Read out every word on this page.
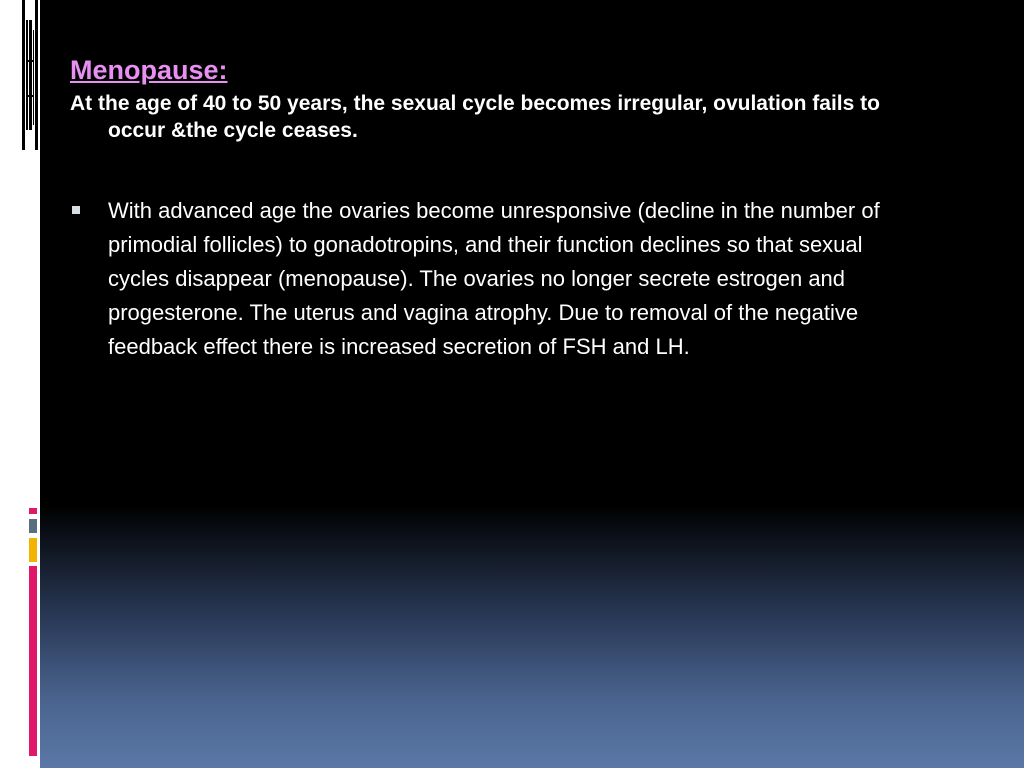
Menopause:

At the age of 40 to 50 years, the sexual cycle becomes irregular, ovulation fails to occur &the cycle ceases.

With advanced age the ovaries become unresponsive (decline in the number of primodial follicles) to gonadotropins, and their function declines so that sexual cycles disappear (menopause). The ovaries no longer secrete estrogen and progesterone. The uterus and vagina atrophy. Due to removal of the negative feedback effect there is increased secretion of FSH and LH.
